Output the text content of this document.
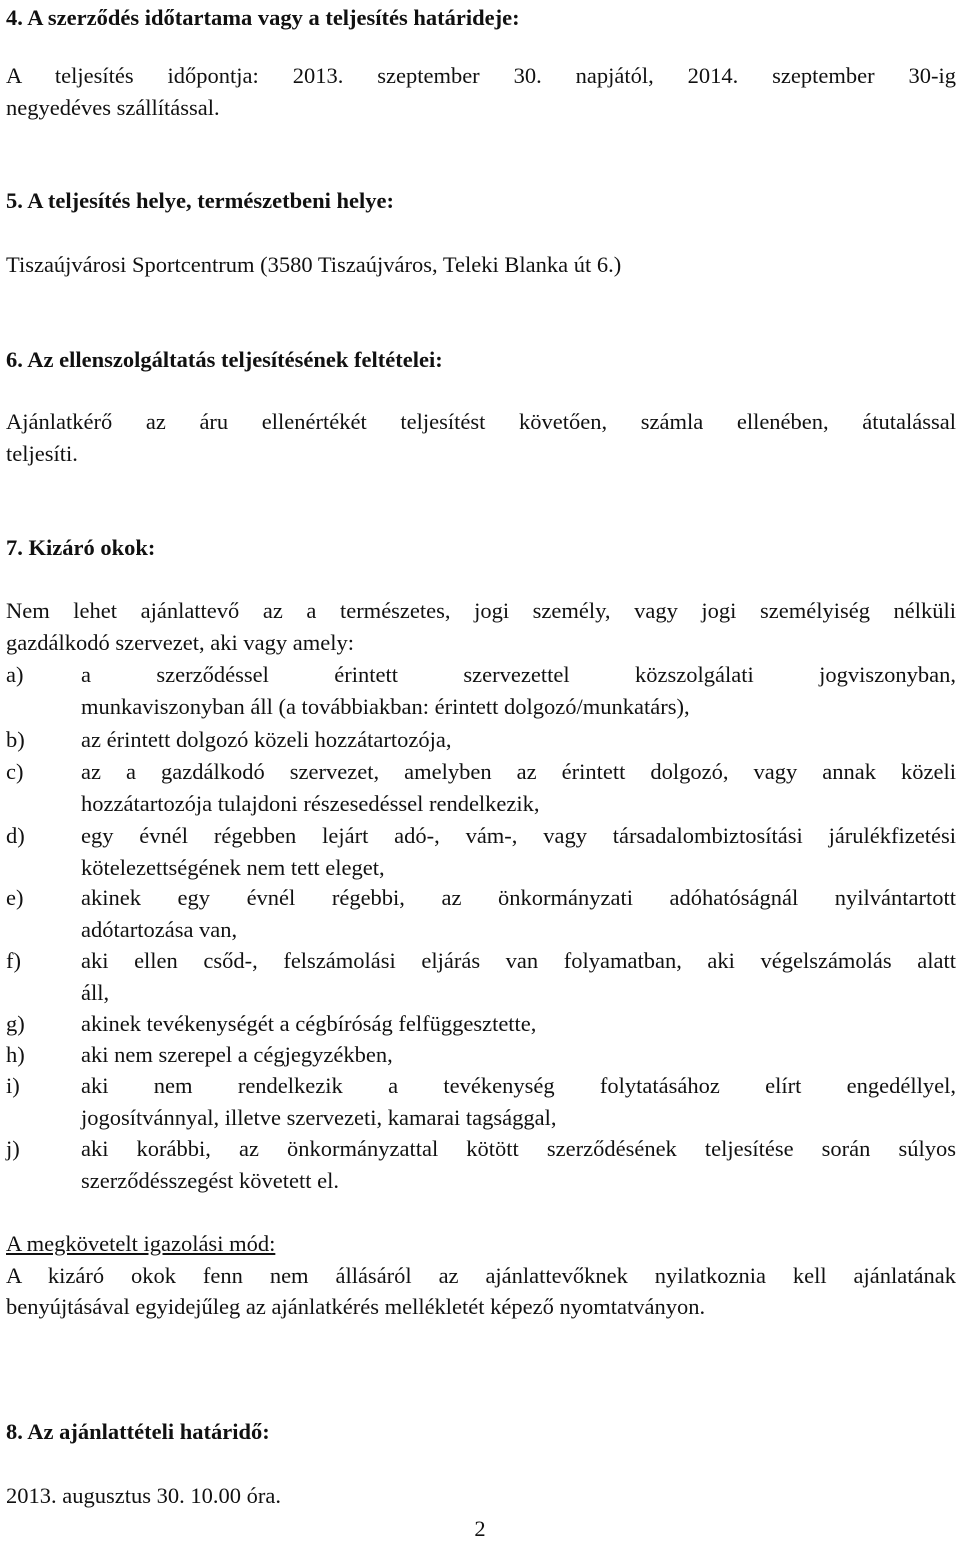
4. A szerződés időtartama vagy a teljesítés határideje:
A teljesítés időpontja: 2013. szeptember 30. napjától, 2014. szeptember 30-ig
negyedéves szállítással.
5. A teljesítés helye, természetbeni helye:
Tiszaújvárosi Sportcentrum (3580 Tiszaújváros, Teleki Blanka út 6.)
6. Az ellenszolgáltatás teljesítésének feltételei:
Ajánlatkérő az áru ellenértékét teljesítést követően, számla ellenében, átutalással
teljesíti.
7. Kizáró okok:
Nem lehet ajánlattevő az a természetes, jogi személy, vagy jogi személyiség nélküli
gazdálkodó szervezet, aki vagy amely:
a)	a szerződéssel érintett szervezettel közszolgálati jogviszonyban,
munkaviszonyban áll (a továbbiakban: érintett dolgozó/munkatárs),
b)	az érintett dolgozó közeli hozzátartozója,
c)	az a gazdálkodó szervezet, amelyben az érintett dolgozó, vagy annak közeli
hozzátartozója tulajdoni részesedéssel rendelkezik,
d)	egy évnél régebben lejárt adó-, vám-, vagy társadalombiztosítási járulékfizetési
kötelezettségének nem tett eleget,
e)	akinek egy évnél régebbi, az önkormányzati adóhatóságnál nyilvántartott
adótartozása van,
f)	aki ellen csőd-, felszámolási eljárás van folyamatban, aki végelszámolás alatt
áll,
g)	akinek tevékenységét a cégbíróság felfüggesztette,
h)	aki nem szerepel a cégjegyzékben,
i)	aki nem rendelkezik a tevékenység folytatásához elírt engedéllyel,
jogosítvánnyal, illetve szervezeti, kamarai tagsággal,
j)	aki korábbi, az önkormányzattal kötött szerződésének teljesítése során súlyos
szerződésszegést követett el.
A megkövetelt igazolási mód:
A kizáró okok fenn nem állásáról az ajánlattevőknek nyilatkoznia kell ajánlatának
benyújtásával egyidejűleg az ajánlatkérés mellékletét képező nyomtatványon.
8. Az ajánlattételi határidő:
2013. augusztus 30. 10.00 óra.
2
